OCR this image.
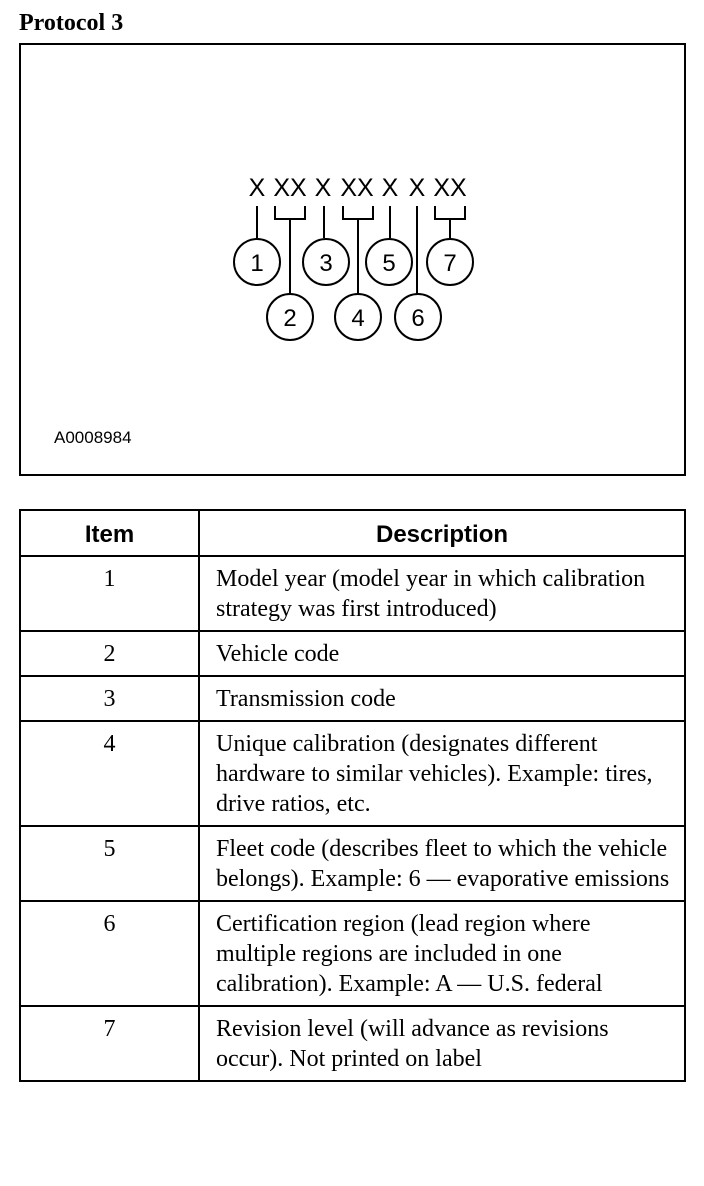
Protocol 3
X XX X XX X X XX
1
2
3
4
5
6
7
A0008984
Item	Description
1	Model year (model year in which calibration strategy was first introduced)
2	Vehicle code
3	Transmission code
4	Unique calibration (designates different hardware to similar vehicles). Example: tires, drive ratios, etc.
5	Fleet code (describes fleet to which the vehicle belongs). Example: 6 — evaporative emissions
6	Certification region (lead region where multiple regions are included in one calibration). Example: A — U.S. federal
7	Revision level (will advance as revisions occur). Not printed on label
